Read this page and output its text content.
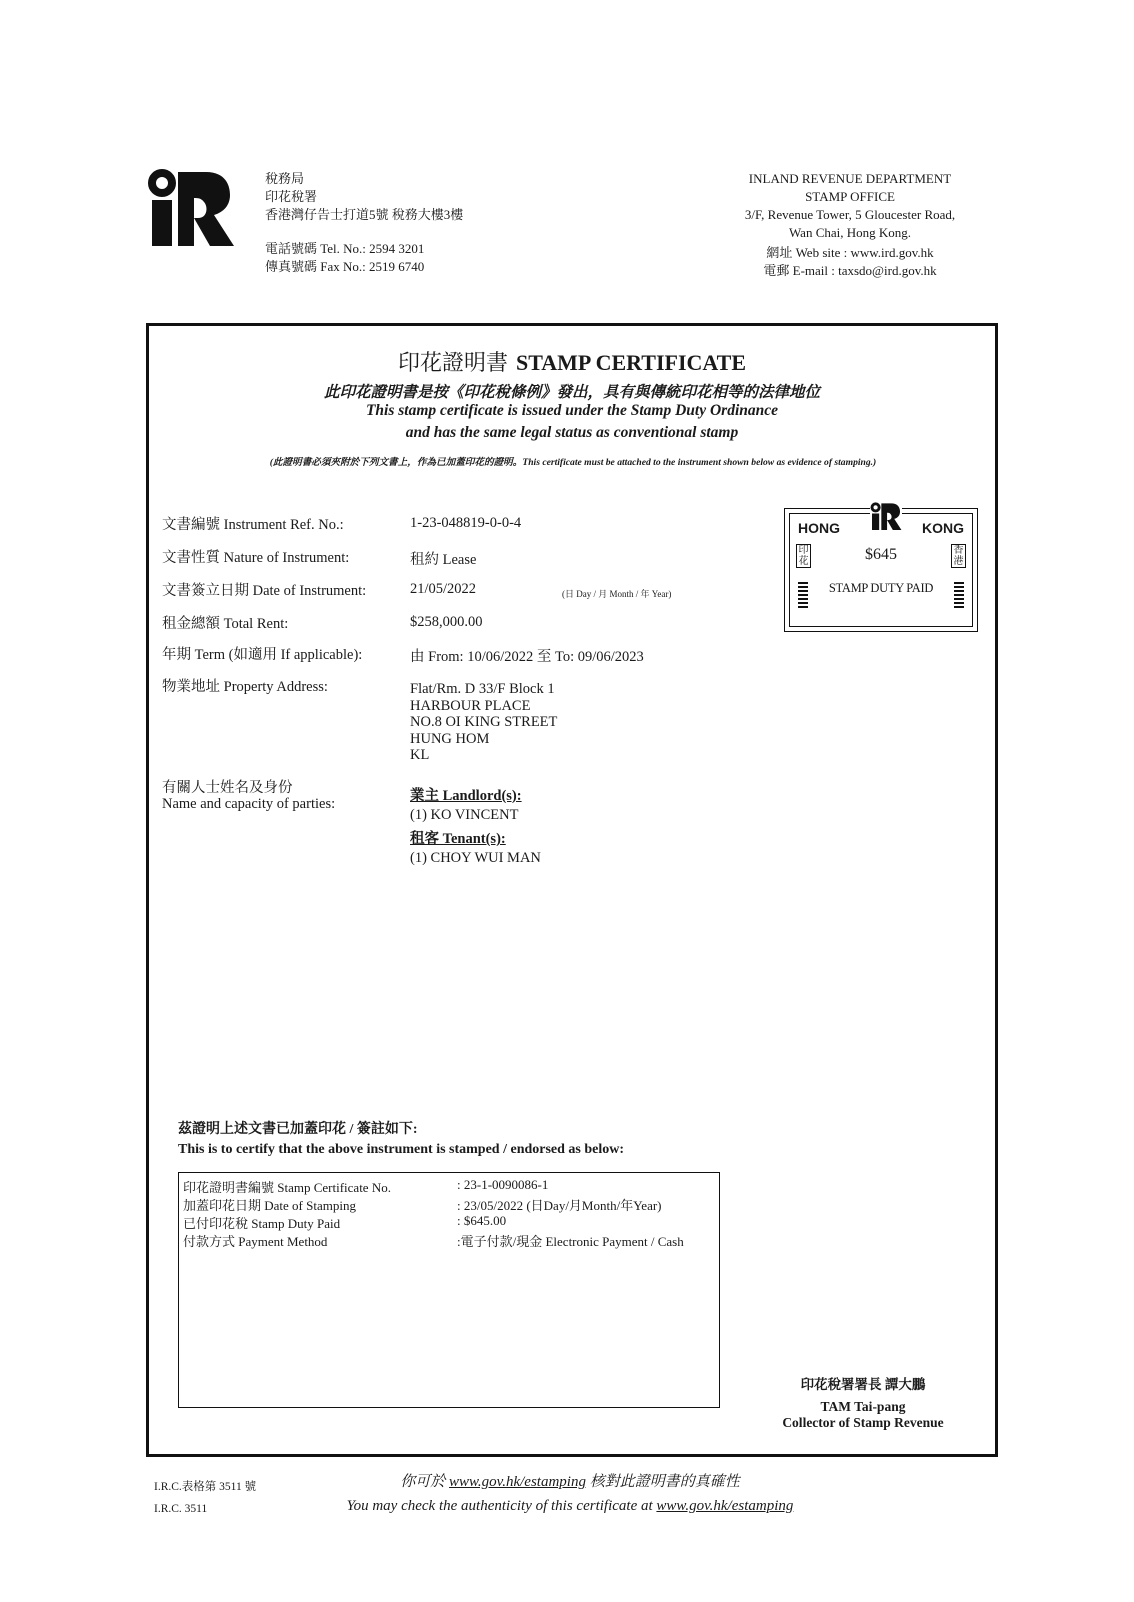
稅務局
印花稅署
香港灣仔告士打道5號 稅務大樓3樓
電話號碼 Tel. No.: 2594 3201
傳真號碼 Fax No.: 2519 6740
INLAND REVENUE DEPARTMENT
STAMP OFFICE
3/F, Revenue Tower, 5 Gloucester Road,
Wan Chai, Hong Kong.
網址 Web site : www.ird.gov.hk
電郵 E-mail : taxsdo@ird.gov.hk
印花證明書 STAMP CERTIFICATE
此印花證明書是按《印花稅條例》發出，具有與傳統印花相等的法律地位
This stamp certificate is issued under the Stamp Duty Ordinance
and has the same legal status as conventional stamp
(此證明書必須夾附於下列文書上，作為已加蓋印花的證明。This certificate must be attached to the instrument shown below as evidence of stamping.)
文書編號 Instrument Ref. No.:	1-23-048819-0-0-4
文書性質 Nature of Instrument:	租約 Lease
文書簽立日期 Date of Instrument:	21/05/2022	(日 Day / 月 Month / 年 Year)
租金總額 Total Rent:	$258,000.00
年期 Term (如適用 If applicable):	由 From: 10/06/2022 至 To: 09/06/2023
物業地址 Property Address:	Flat/Rm. D 33/F Block 1
HARBOUR PLACE
NO.8 OI KING STREET
HUNG HOM
KL
有關人士姓名及身份
Name and capacity of parties:	業主 Landlord(s):
(1) KO VINCENT
租客 Tenant(s):
(1) CHOY WUI MAN
HONG	KONG
印花
香港
$645
STAMP DUTY PAID
茲證明上述文書已加蓋印花 / 簽註如下:
This is to certify that the above instrument is stamped / endorsed as below:
印花證明書編號 Stamp Certificate No.	: 23-1-0090086-1
加蓋印花日期 Date of Stamping	: 23/05/2022 (日Day/月Month/年Year)
已付印花稅 Stamp Duty Paid	: $645.00
付款方式 Payment Method	:電子付款/現金 Electronic Payment / Cash
印花稅署署長 譚大鵬
TAM Tai-pang
Collector of Stamp Revenue
I.R.C.表格第 3511 號
I.R.C. 3511
你可於 www.gov.hk/estamping 核對此證明書的真確性
You may check the authenticity of this certificate at www.gov.hk/estamping
